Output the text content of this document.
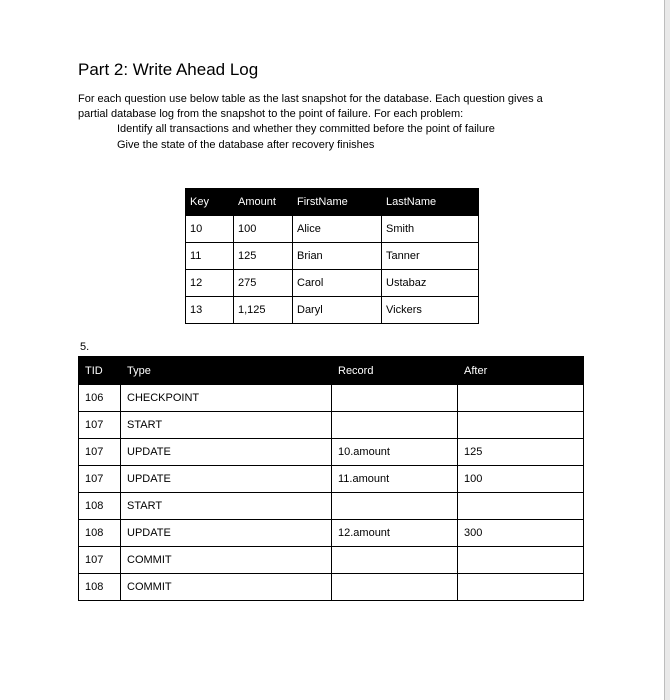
Part 2: Write Ahead Log
For each question use below table as the last snapshot for the database. Each question gives a
partial database log from the snapshot to the point of failure. For each problem:
Identify all transactions and whether they committed before the point of failure
Give the state of the database after recovery finishes
Key	Amount	FirstName	LastName
10	100	Alice	Smith
11	125	Brian	Tanner
12	275	Carol	Ustabaz
13	1,125	Daryl	Vickers
5.
TID	Type	Record	After
106	CHECKPOINT		
107	START		
107	UPDATE	10.amount	125
107	UPDATE	11.amount	100
108	START		
108	UPDATE	12.amount	300
107	COMMIT		
108	COMMIT		
